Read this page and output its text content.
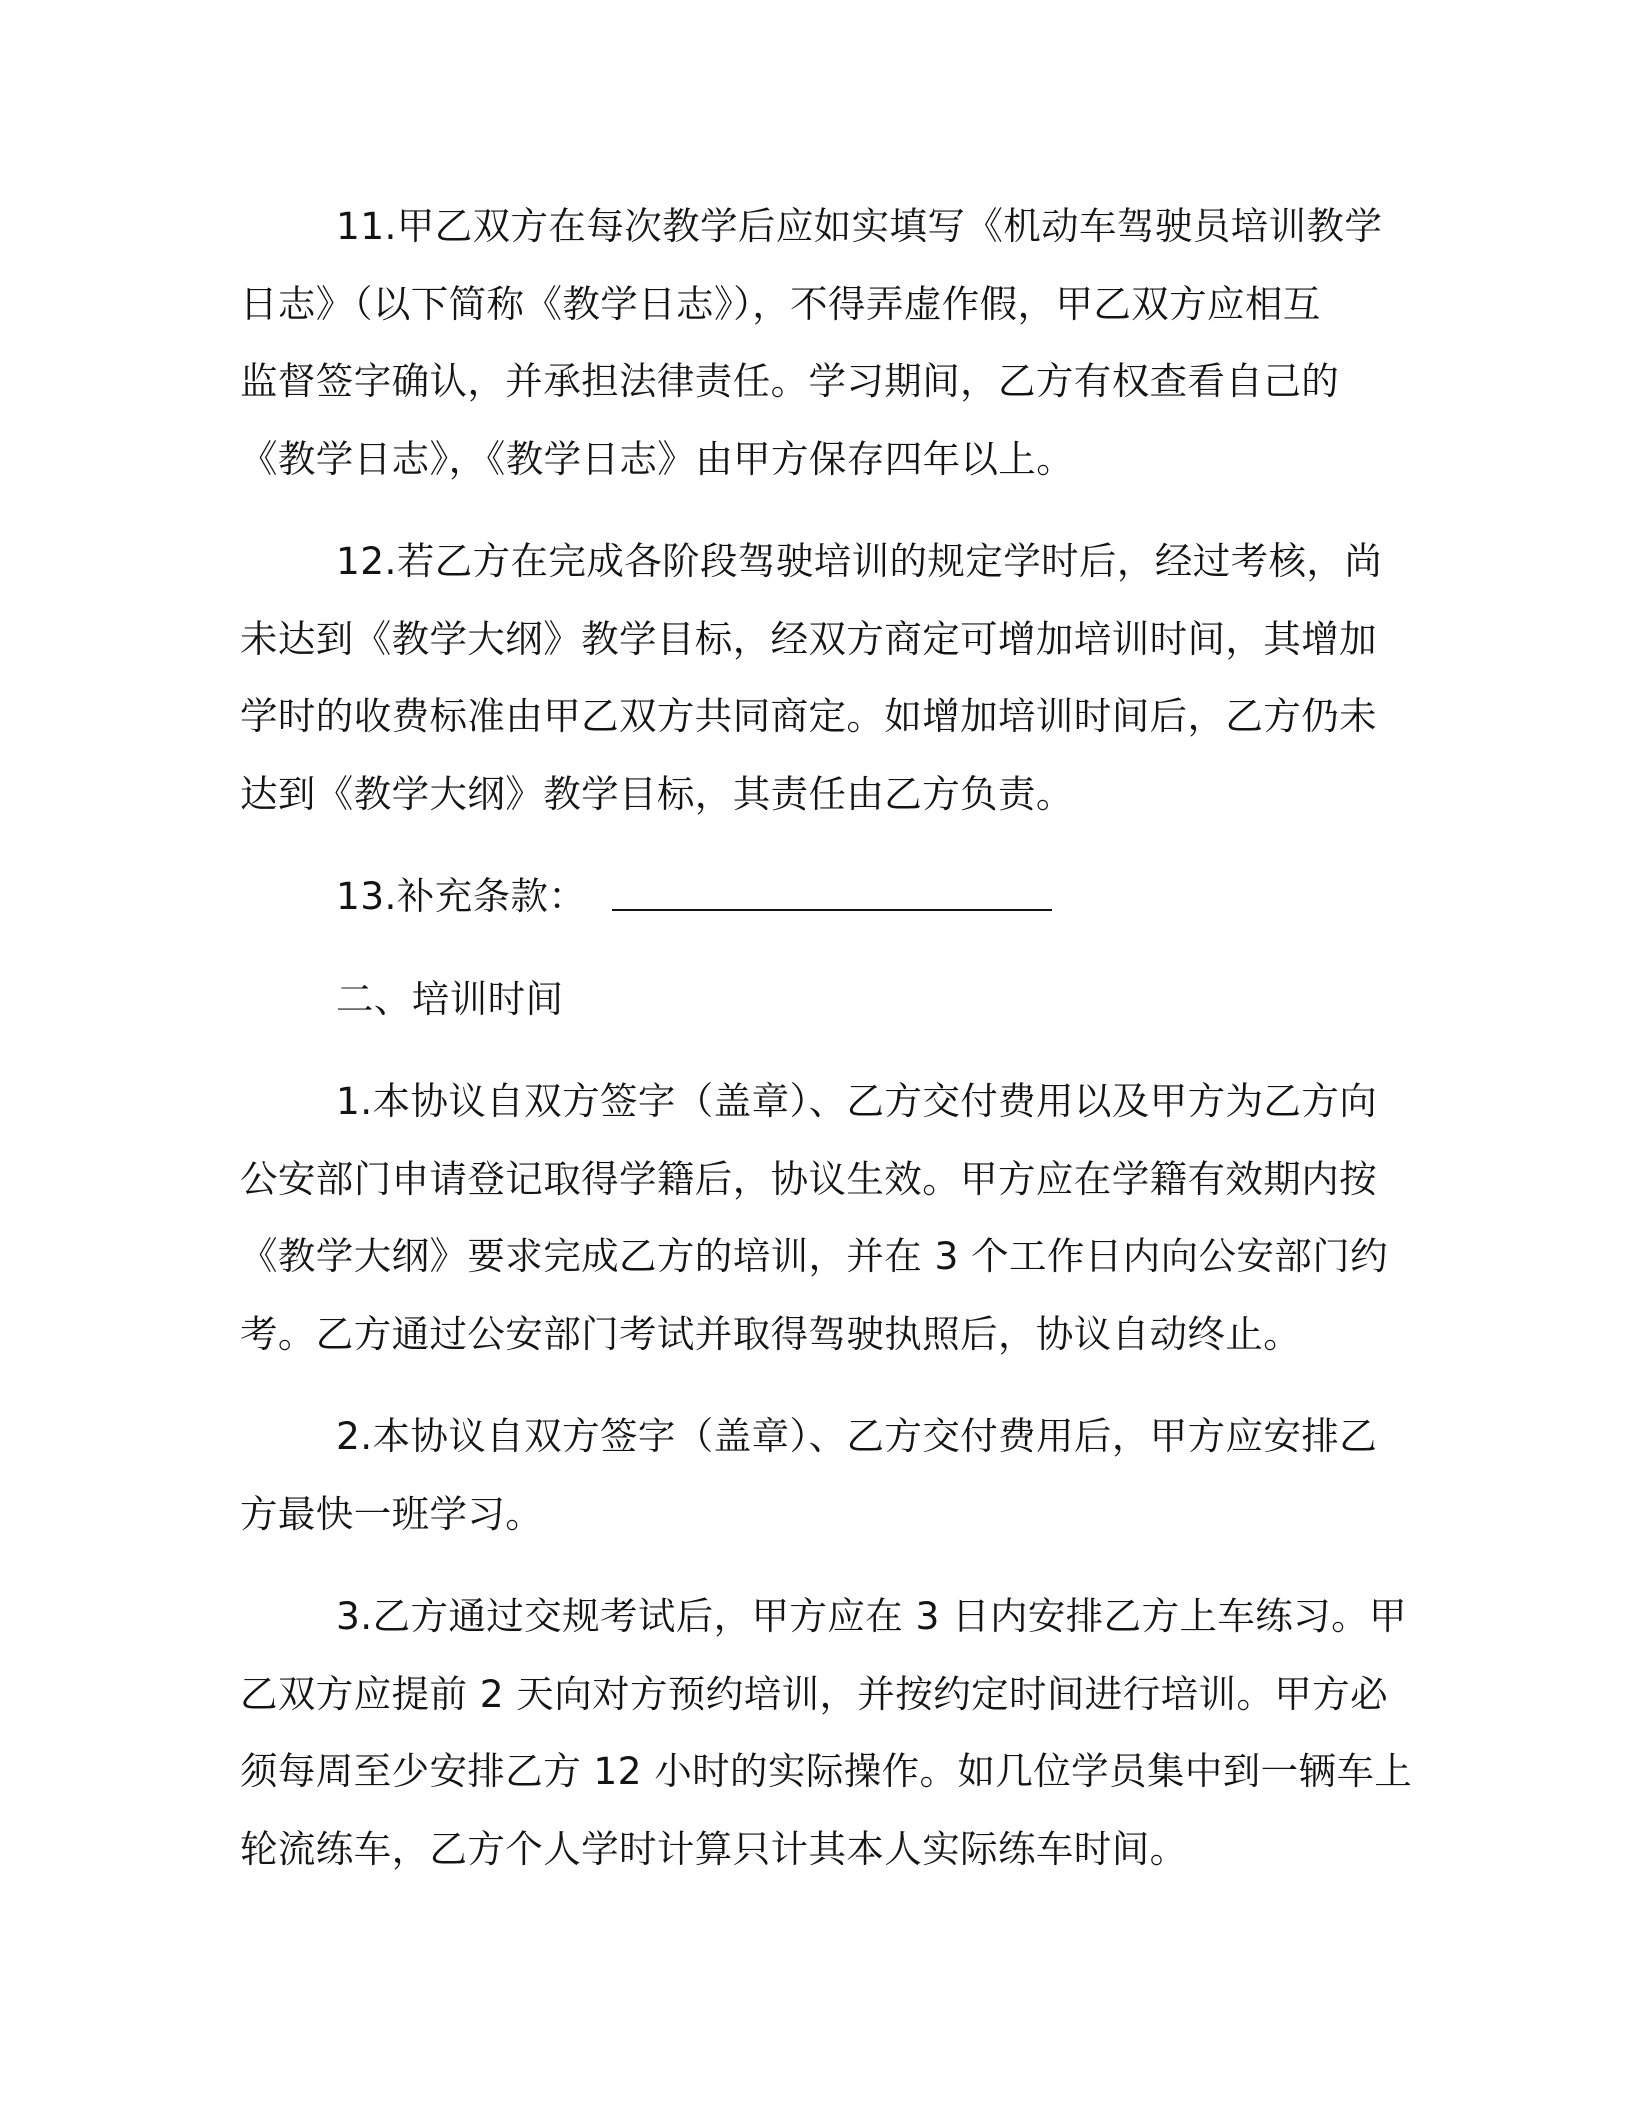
11.甲乙双方在每次教学后应如实填写《机动车驾驶员培训教学
日志》（以下简称《教学日志》），不得弄虚作假，甲乙双方应相互
监督签字确认，并承担法律责任。学习期间，乙方有权查看自己的
《教学日志》，《教学日志》由甲方保存四年以上。

12.若乙方在完成各阶段驾驶培训的规定学时后，经过考核，尚
未达到《教学大纲》教学目标，经双方商定可增加培训时间，其增加
学时的收费标准由甲乙双方共同商定。如增加培训时间后，乙方仍未
达到《教学大纲》教学目标，其责任由乙方负责。

13.补充条款：

二、培训时间

1.本协议自双方签字（盖章）、乙方交付费用以及甲方为乙方向
公安部门申请登记取得学籍后，协议生效。甲方应在学籍有效期内按
《教学大纲》要求完成乙方的培训，并在 3 个工作日内向公安部门约
考。乙方通过公安部门考试并取得驾驶执照后，协议自动终止。

2.本协议自双方签字（盖章）、乙方交付费用后，甲方应安排乙
方最快一班学习。

3.乙方通过交规考试后，甲方应在 3 日内安排乙方上车练习。甲
乙双方应提前 2 天向对方预约培训，并按约定时间进行培训。甲方必
须每周至少安排乙方 12 小时的实际操作。如几位学员集中到一辆车上
轮流练车，乙方个人学时计算只计其本人实际练车时间。
